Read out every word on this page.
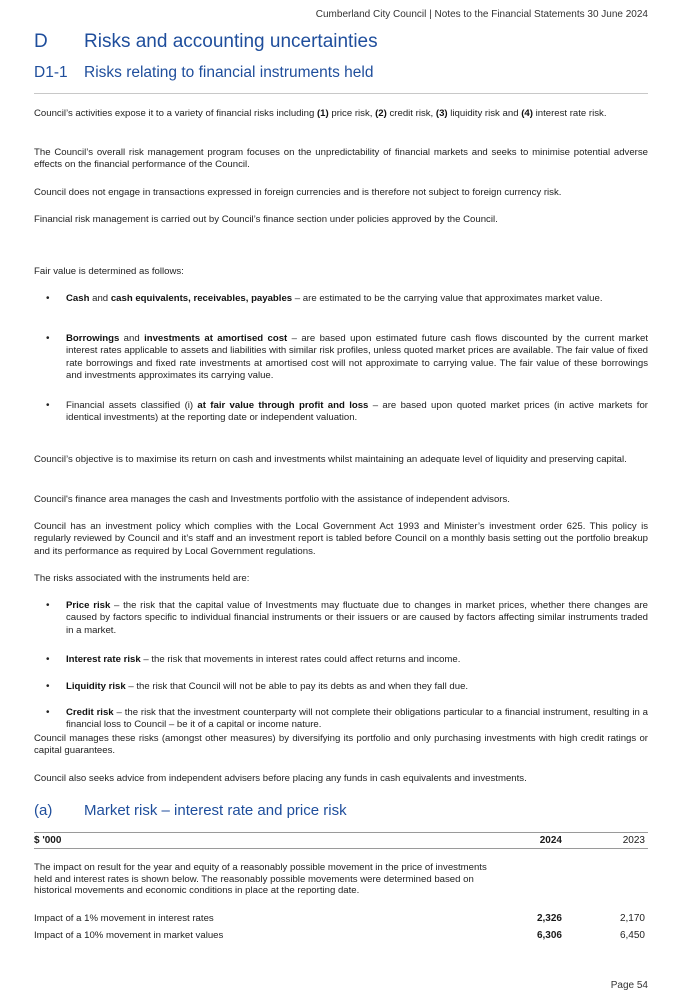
Cumberland City Council | Notes to the Financial Statements 30 June 2024
D	Risks and accounting uncertainties
D1-1	Risks relating to financial instruments held

Council’s activities expose it to a variety of financial risks including (1) price risk, (2) credit risk, (3) liquidity risk and (4) interest rate risk.

The Council’s overall risk management program focuses on the unpredictability of financial markets and seeks to minimise potential adverse effects on the financial performance of the Council.

Council does not engage in transactions expressed in foreign currencies and is therefore not subject to foreign currency risk.

Financial risk management is carried out by Council’s finance section under policies approved by the Council.

Fair value is determined as follows:

• Cash and cash equivalents, receivables, payables – are estimated to be the carrying value that approximates market value.
• Borrowings and investments at amortised cost – are based upon estimated future cash flows discounted by the current market interest rates applicable to assets and liabilities with similar risk profiles, unless quoted market prices are available. The fair value of fixed rate borrowings and fixed rate investments at amortised cost will not approximate to carrying value. The fair value of these borrowings and investments approximates its carrying value.
• Financial assets classified (i) at fair value through profit and loss – are based upon quoted market prices (in active markets for identical investments) at the reporting date or independent valuation.

Council’s objective is to maximise its return on cash and investments whilst maintaining an adequate level of liquidity and preserving capital.

Council's finance area manages the cash and Investments portfolio with the assistance of independent advisors.

Council has an investment policy which complies with the Local Government Act 1993 and Minister’s investment order 625. This policy is regularly reviewed by Council and it’s staff and an investment report is tabled before Council on a monthly basis setting out the portfolio breakup and its performance as required by Local Government regulations.

The risks associated with the instruments held are:

• Price risk – the risk that the capital value of Investments may fluctuate due to changes in market prices, whether there changes are caused by factors specific to individual financial instruments or their issuers or are caused by factors affecting similar instruments traded in a market.
• Interest rate risk – the risk that movements in interest rates could affect returns and income.
• Liquidity risk – the risk that Council will not be able to pay its debts as and when they fall due.
• Credit risk – the risk that the investment counterparty will not complete their obligations particular to a financial instrument, resulting in a financial loss to Council – be it of a capital or income nature.

Council manages these risks (amongst other measures) by diversifying its portfolio and only purchasing investments with high credit ratings or capital guarantees.

Council also seeks advice from independent advisers before placing any funds in cash equivalents and investments.

(a)	Market risk – interest rate and price risk
$ '000	2024	2023
The impact on result for the year and equity of a reasonably possible movement in the price of investments held and interest rates is shown below. The reasonably possible movements were determined based on historical movements and economic conditions in place at the reporting date.
Impact of a 1% movement in interest rates	2,326	2,170
Impact of a 10% movement in market values	6,306	6,450
Page 54
